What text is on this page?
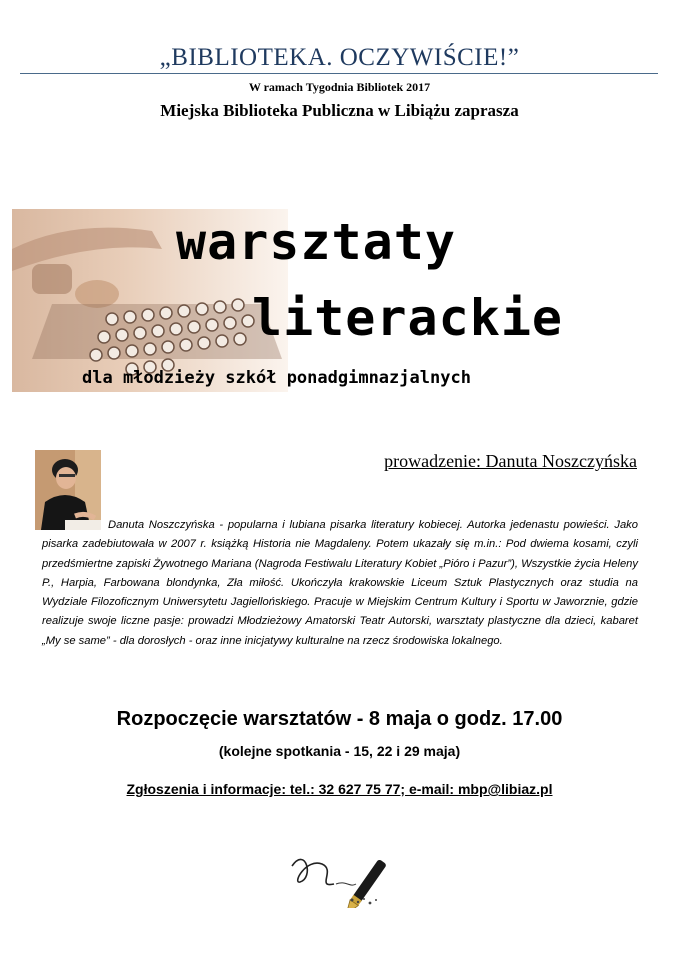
„BIBLIOTEKA. OCZYWIŚCIE!”
W ramach Tygodnia Bibliotek 2017
Miejska Biblioteka Publiczna w Libiążu zaprasza
warsztaty
literackie
dla młodzieży szkół ponadgimnazjalnych
prowadzenie: Danuta Noszczyńska
Danuta Noszczyńska - popularna i lubiana pisarka literatury kobiecej. Autorka jedenastu powieści. Jako pisarka zadebiutowała w 2007 r. książką Historia nie Magdaleny. Potem ukazały się m.in.: Pod dwiema kosami, czyli przedśmiertne zapiski Żywotnego Mariana (Nagroda Festiwalu Literatury Kobiet „Pióro i Pazur”), Wszystkie życia Heleny P., Harpia, Farbowana blondynka, Zła miłość. Ukończyła krakowskie Liceum Sztuk Plastycznych oraz studia na Wydziale Filozoficznym Uniwersytetu Jagiellońskiego. Pracuje w Miejskim Centrum Kultury i Sportu w Jaworznie, gdzie realizuje swoje liczne pasje: prowadzi Młodzieżowy Amatorski Teatr Autorski, warsztaty plastyczne dla dzieci, kabaret „My se same” - dla dorosłych - oraz inne inicjatywy kulturalne na rzecz środowiska lokalnego.
Rozpoczęcie warsztatów - 8 maja o godz. 17.00
(kolejne spotkania - 15, 22 i 29 maja)
Zgłoszenia i informacje: tel.: 32 627 75 77; e-mail: mbp@libiaz.pl
